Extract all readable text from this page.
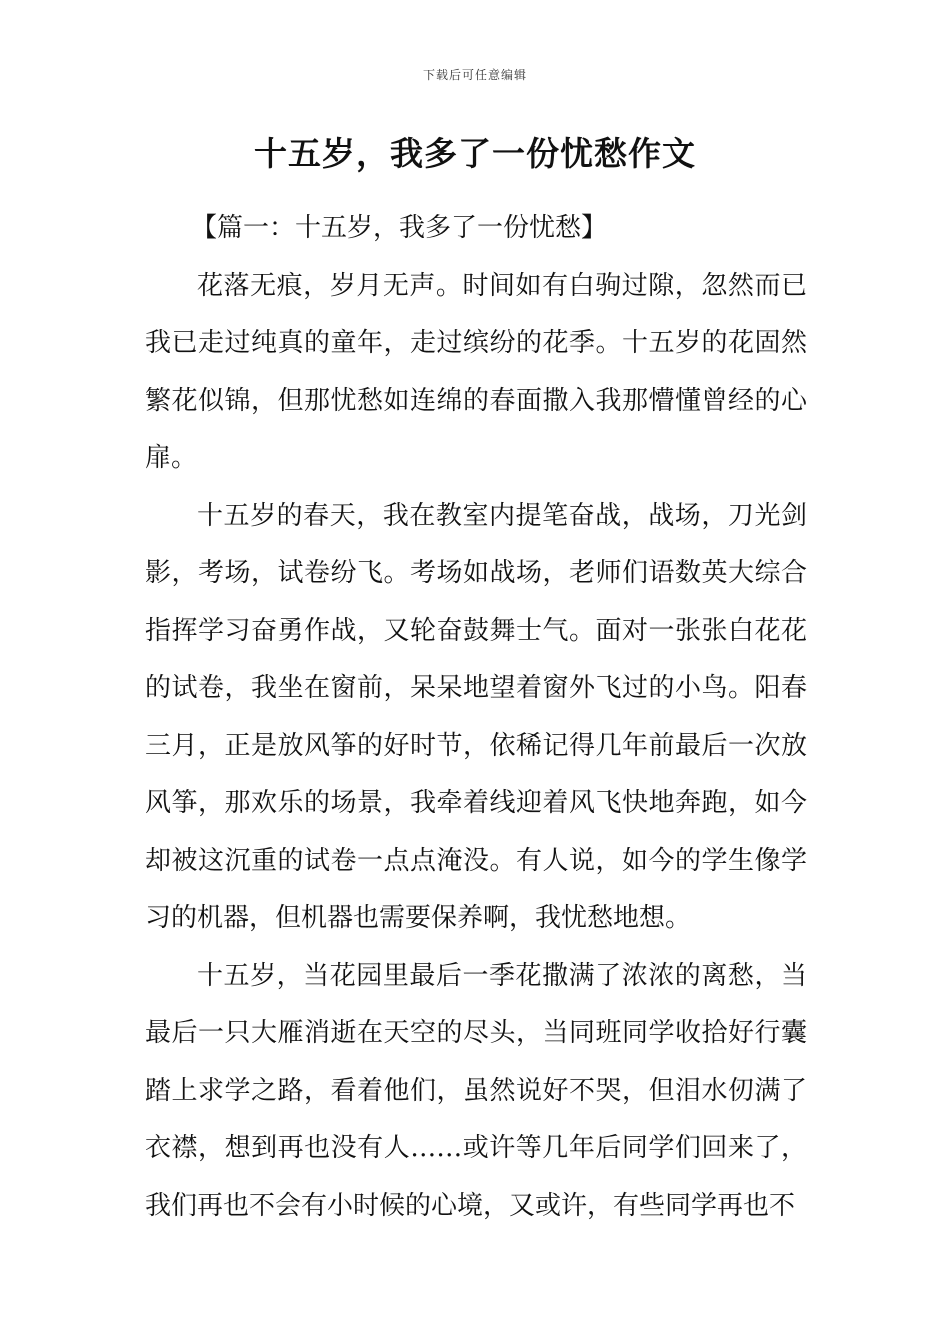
下载后可任意编辑
十五岁，我多了一份忧愁作文

【篇一：十五岁，我多了一份忧愁】

花落无痕，岁月无声。时间如有白驹过隙，忽然而已我已走过纯真的童年，走过缤纷的花季。十五岁的花固然繁花似锦，但那忧愁如连绵的春面撒入我那懵懂曾经的心扉。

十五岁的春天，我在教室内提笔奋战，战场，刀光剑影，考场，试卷纷飞。考场如战场，老师们语数英大综合指挥学习奋勇作战，又轮奋鼓舞士气。面对一张张白花花的试卷，我坐在窗前，呆呆地望着窗外飞过的小鸟。阳春三月，正是放风筝的好时节，依稀记得几年前最后一次放风筝，那欢乐的场景，我牵着线迎着风飞快地奔跑，如今却被这沉重的试卷一点点淹没。有人说，如今的学生像学习的机器，但机器也需要保养啊，我忧愁地想。

十五岁，当花园里最后一季花撒满了浓浓的离愁，当最后一只大雁消逝在天空的尽头，当同班同学收拾好行囊踏上求学之路，看着他们，虽然说好不哭，但泪水仞满了衣襟，想到再也没有人……或许等几年后同学们回来了，我们再也不会有小时候的心境，又或许，有些同学再也不
